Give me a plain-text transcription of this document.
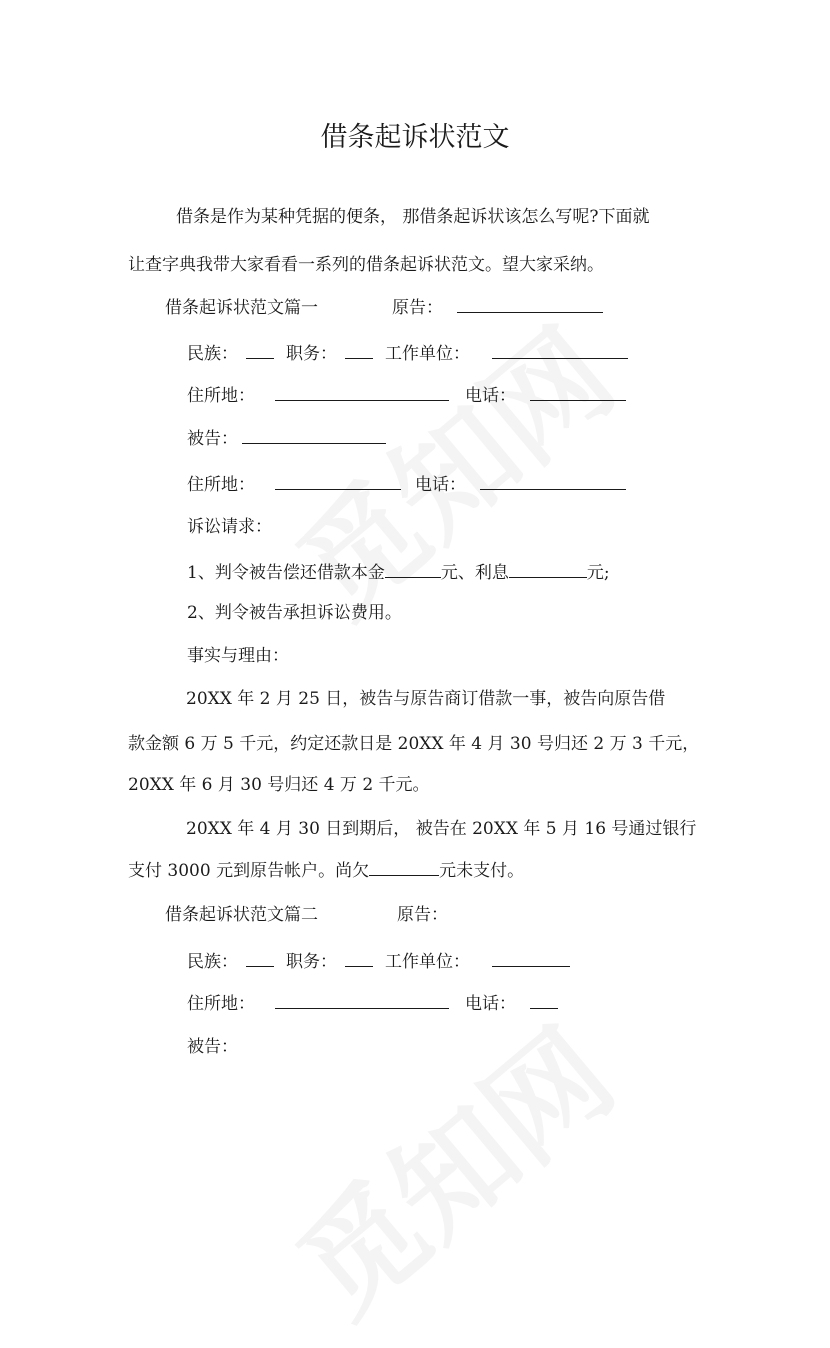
借条起诉状范文
借条是作为某种凭据的便条， 那借条起诉状该怎么写呢?下面就
让查字典我带大家看看一系列的借条起诉状范文。望大家采纳。
借条起诉状范文篇一	原告：
民族：	职务：	工作单位：
住所地：	电话：
被告：
住所地：	电话：
诉讼请求：
1、判令被告偿还借款本金	元、利息	元;
2、判令被告承担诉讼费用。
事实与理由：
20XX 年 2 月 25 日，被告与原告商订借款一事，被告向原告借
款金额 6 万 5 千元，约定还款日是 20XX 年 4 月 30 号归还 2 万 3 千元，
20XX 年 6 月 30 号归还 4 万 2 千元。
20XX 年 4 月 30 日到期后， 被告在 20XX 年 5 月 16 号通过银行
支付 3000 元到原告帐户。尚欠	元未支付。
借条起诉状范文篇二	原告：
民族：	职务：	工作单位：
住所地：	电话：
被告：
